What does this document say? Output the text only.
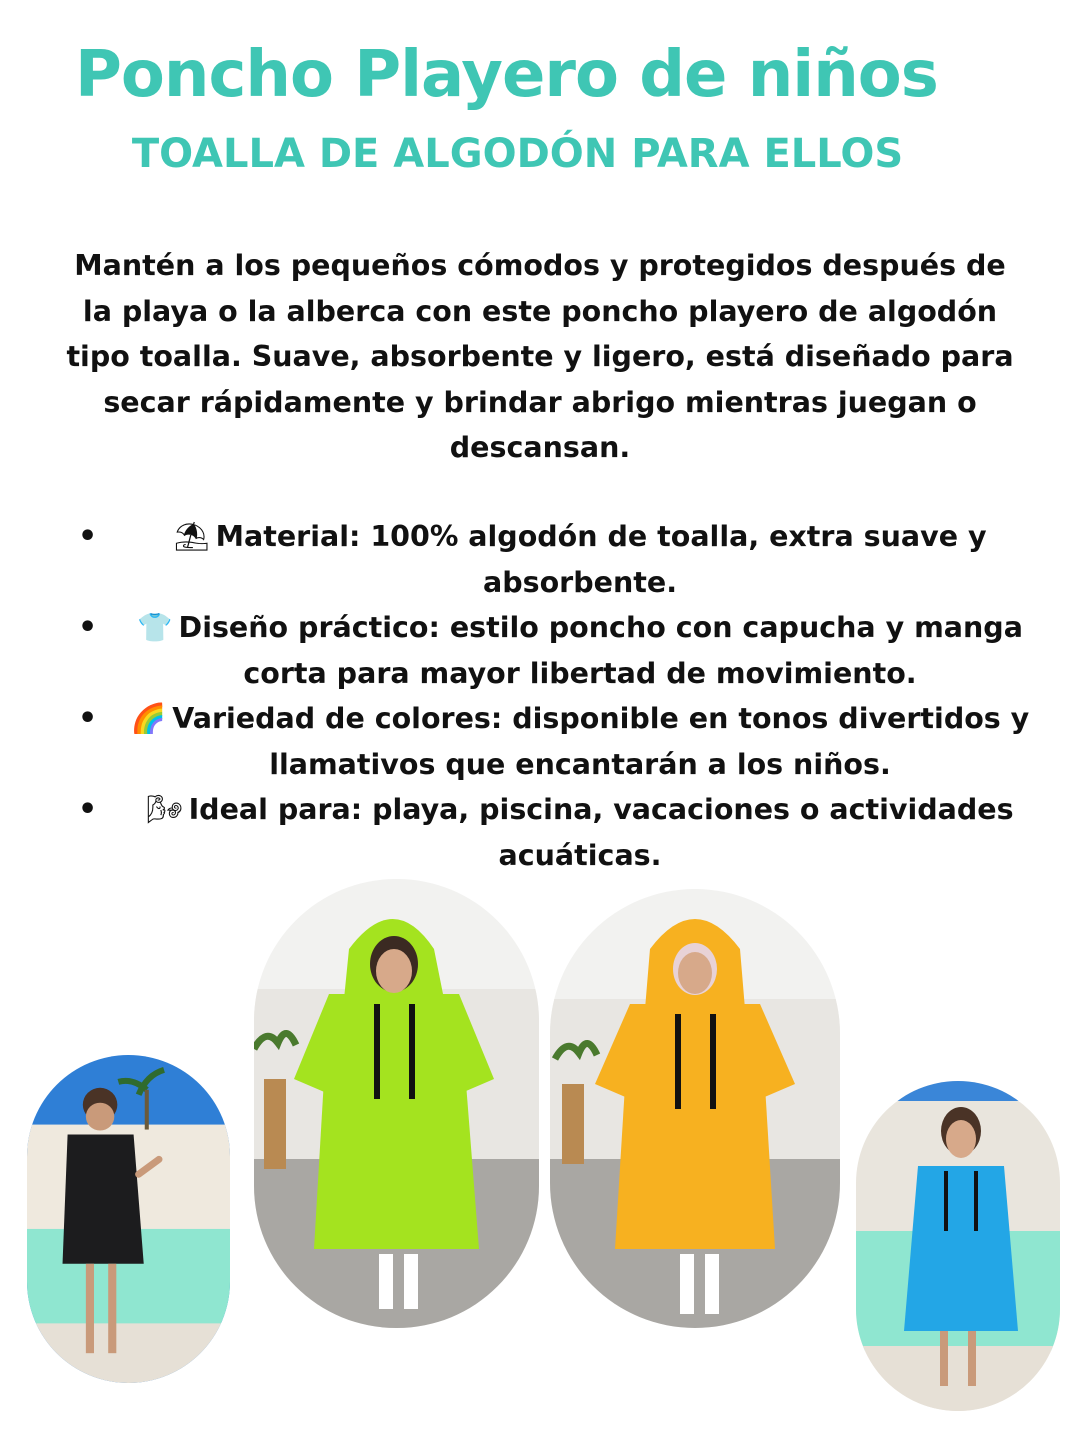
Poncho Playero de niños
TOALLA DE ALGODÓN PARA ELLOS

Mantén a los pequeños cómodos y protegidos después de la playa o la alberca con este poncho playero de algodón tipo toalla. Suave, absorbente y ligero, está diseñado para secar rápidamente y brindar abrigo mientras juegan o descansan.

•	⛱ Material: 100% algodón de toalla, extra suave y absorbente.
• 👕 Diseño práctico: estilo poncho con capucha y manga corta para mayor libertad de movimiento.
• 🌈 Variedad de colores: disponible en tonos divertidos y llamativos que encantarán a los niños.
• 🌬 Ideal para: playa, piscina, vacaciones o actividades acuáticas.
